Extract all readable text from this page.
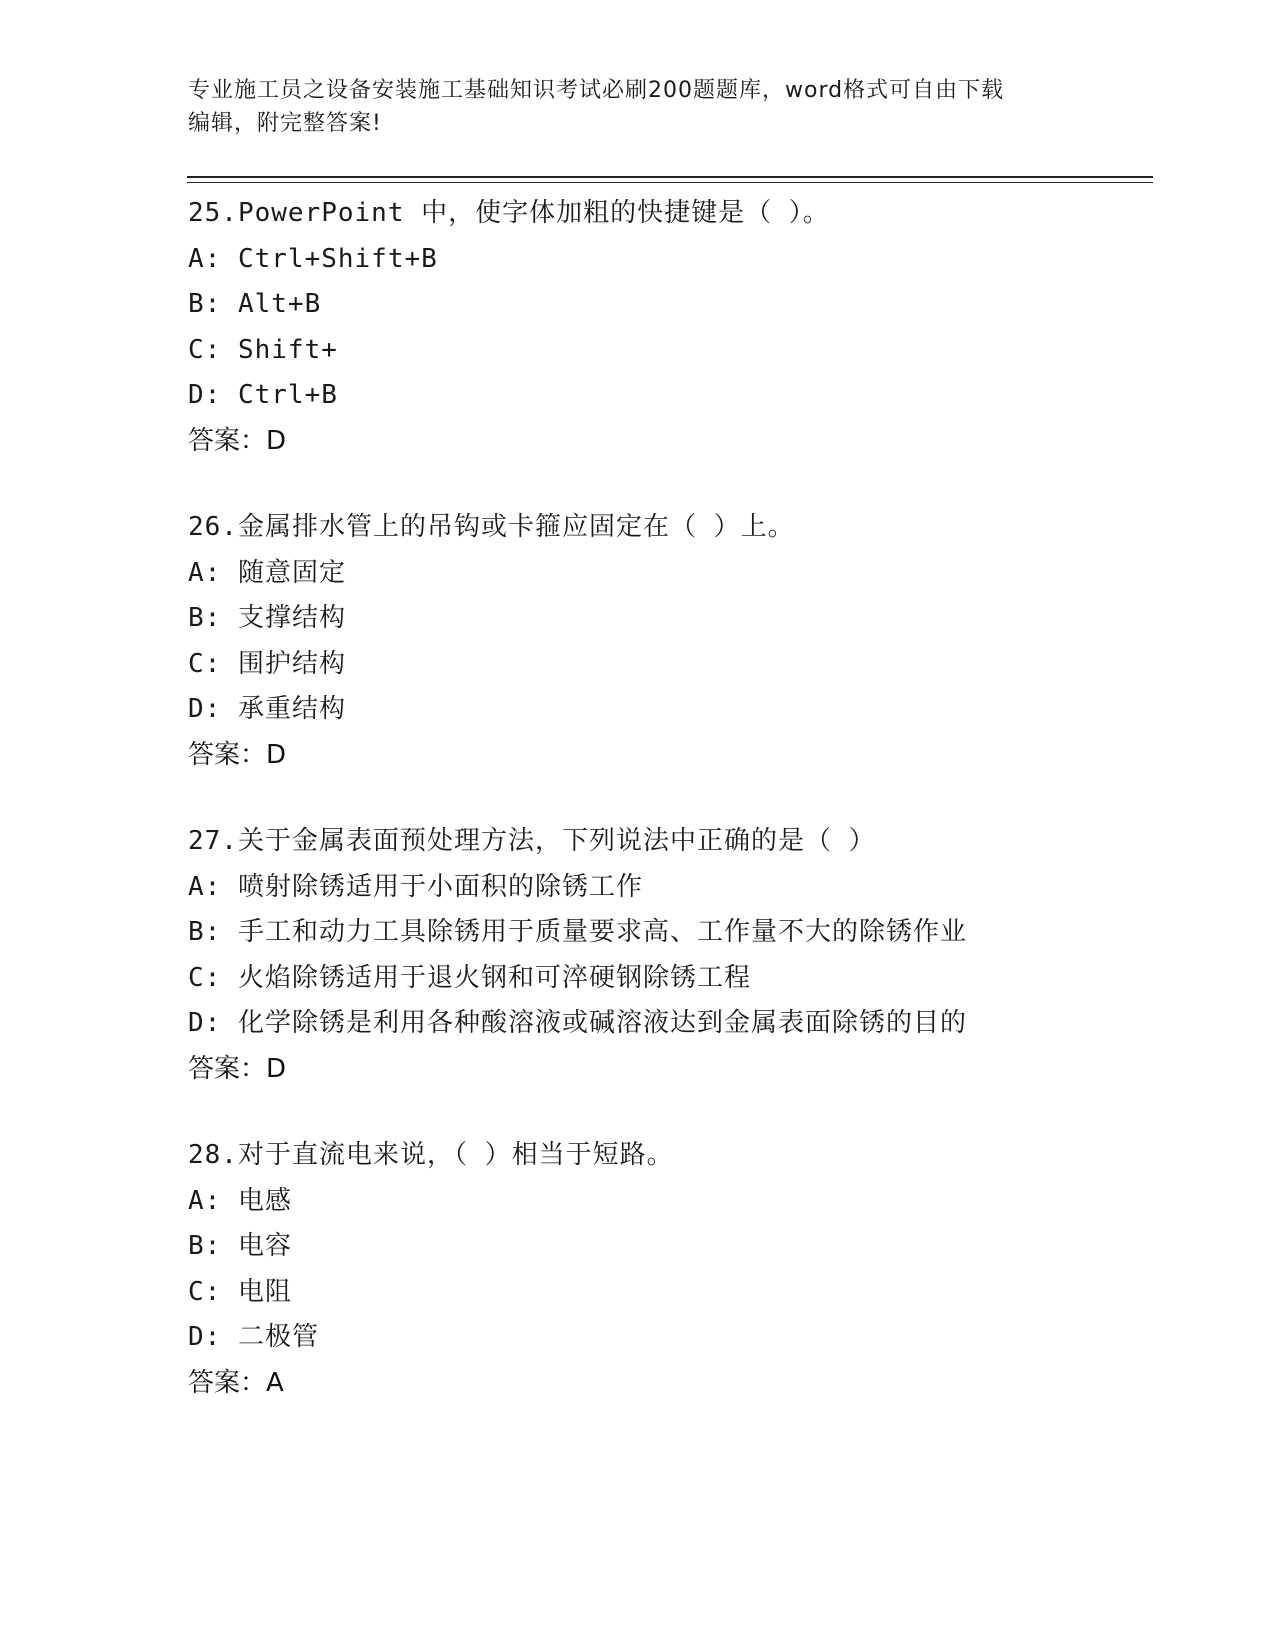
专业施工员之设备安装施工基础知识考试必刷200题题库，word格式可自由下载
编辑，附完整答案!
25.PowerPoint 中，使字体加粗的快捷键是（ ）。
A: Ctrl+Shift+B
B: Alt+B
C: Shift+
D: Ctrl+B
答案：D
26.金属排水管上的吊钩或卡箍应固定在（ ）上。
A: 随意固定
B: 支撑结构
C: 围护结构
D: 承重结构
答案：D
27.关于金属表面预处理方法，下列说法中正确的是（ ）
A: 喷射除锈适用于小面积的除锈工作
B: 手工和动力工具除锈用于质量要求高、工作量不大的除锈作业
C: 火焰除锈适用于退火钢和可淬硬钢除锈工程
D: 化学除锈是利用各种酸溶液或碱溶液达到金属表面除锈的目的
答案：D
28.对于直流电来说，（ ）相当于短路。
A: 电感
B: 电容
C: 电阻
D: 二极管
答案：A
